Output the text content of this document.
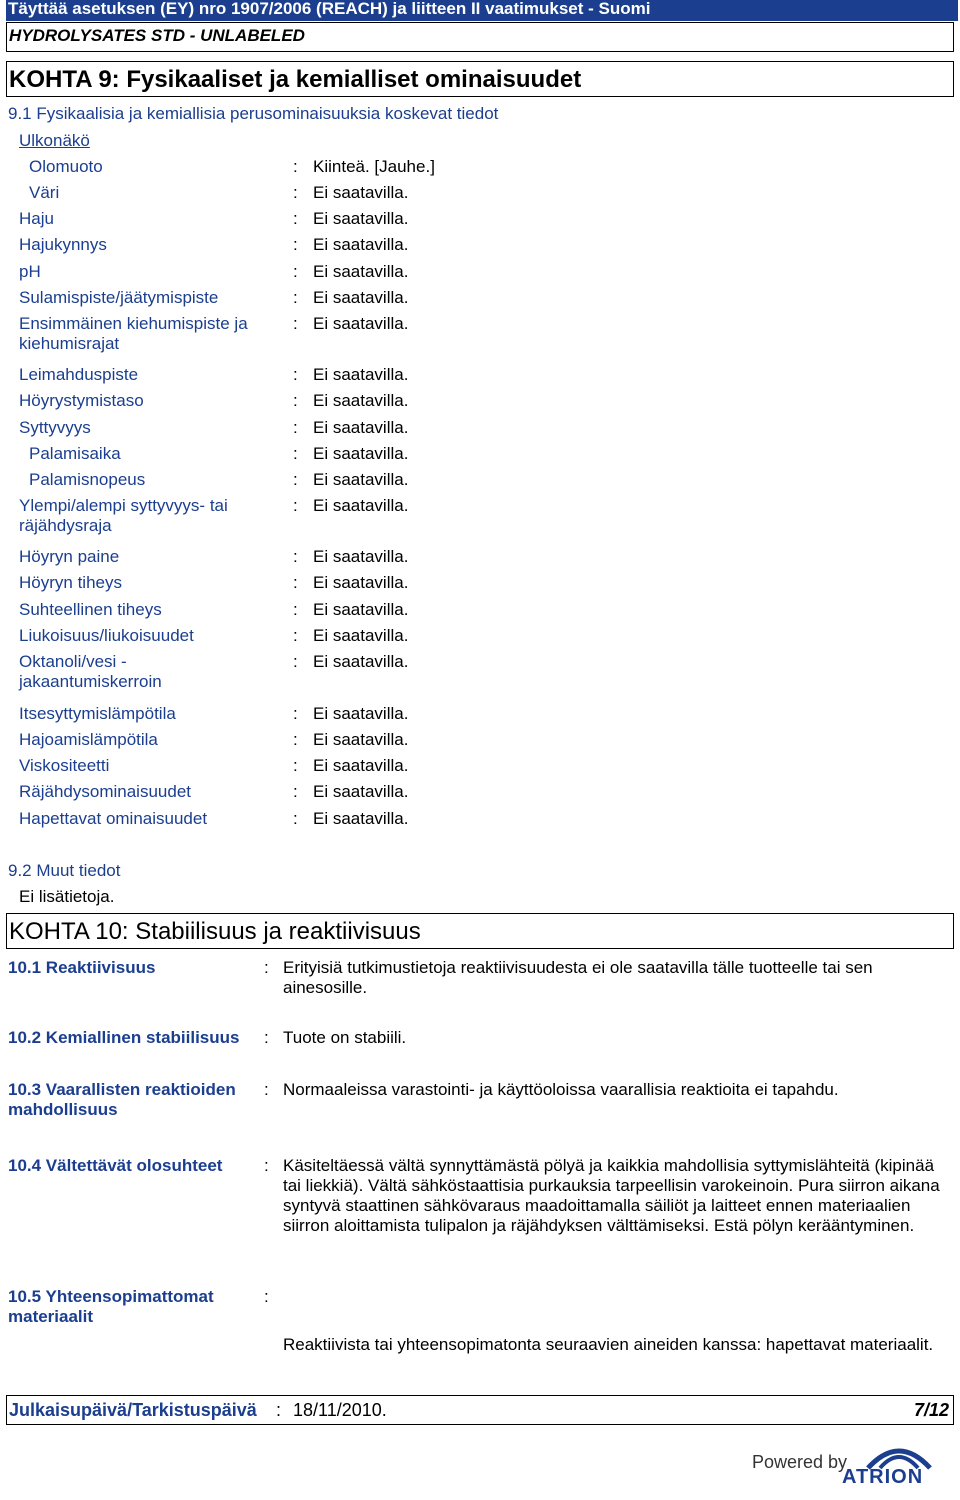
Täyttää asetuksen (EY) nro 1907/2006 (REACH) ja liitteen II vaatimukset - Suomi
HYDROLYSATES STD - UNLABELED
KOHTA 9: Fysikaaliset ja kemialliset ominaisuudet
9.1 Fysikaalisia ja kemiallisia perusominaisuuksia koskevat tiedot
Ulkonäkö
Olomuoto	: Kiinteä. [Jauhe.]
Väri	: Ei saatavilla.
Haju	: Ei saatavilla.
Hajukynnys	: Ei saatavilla.
pH	: Ei saatavilla.
Sulamispiste/jäätymispiste	: Ei saatavilla.
Ensimmäinen kiehumispiste ja kiehumisrajat
: Ei saatavilla.
Leimahduspiste	: Ei saatavilla.
Höyrystymistaso	: Ei saatavilla.
Syttyvyys	: Ei saatavilla.
Palamisaika	: Ei saatavilla.
Palamisnopeus	: Ei saatavilla.
Ylempi/alempi syttyvyys- tai räjähdysraja
: Ei saatavilla.
Höyryn paine	: Ei saatavilla.
Höyryn tiheys	: Ei saatavilla.
Suhteellinen tiheys	: Ei saatavilla.
Liukoisuus/liukoisuudet	: Ei saatavilla.
Oktanoli/vesi - jakaantumiskerroin
: Ei saatavilla.
Itsesyttymislämpötila	: Ei saatavilla.
Hajoamislämpötila	: Ei saatavilla.
Viskositeetti	: Ei saatavilla.
Räjähdysominaisuudet	: Ei saatavilla.
Hapettavat ominaisuudet	: Ei saatavilla.
9.2 Muut tiedot
Ei lisätietoja.
KOHTA 10: Stabiilisuus ja reaktiivisuus
10.1 Reaktiivisuus	: Erityisiä tutkimustietoja reaktiivisuudesta ei ole saatavilla tälle tuotteelle tai sen ainesosille.
10.2 Kemiallinen stabiilisuus	: Tuote on stabiili.
10.3 Vaarallisten reaktioiden mahdollisuus
: Normaaleissa varastointi- ja käyttöoloissa vaarallisia reaktioita ei tapahdu.
10.4 Vältettävät olosuhteet	: Käsiteltäessä vältä synnyttämästä pölyä ja kaikkia mahdollisia syttymislähteitä (kipinää tai liekkiä). Vältä sähköstaattisia purkauksia tarpeellisin varokeinoin. Pura siirron aikana syntyvä staattinen sähkövaraus maadoittamalla säiliöt ja laitteet ennen materiaalien siirron aloittamista tulipalon ja räjähdyksen välttämiseksi. Estä pölyn kerääntyminen.
10.5 Yhteensopimattomat materiaalit
:
Reaktiivista tai yhteensopimatonta seuraavien aineiden kanssa: hapettavat materiaalit.
Julkaisupäivä/Tarkistuspäivä : 18/11/2010.	7/12
Powered by
ATRION
